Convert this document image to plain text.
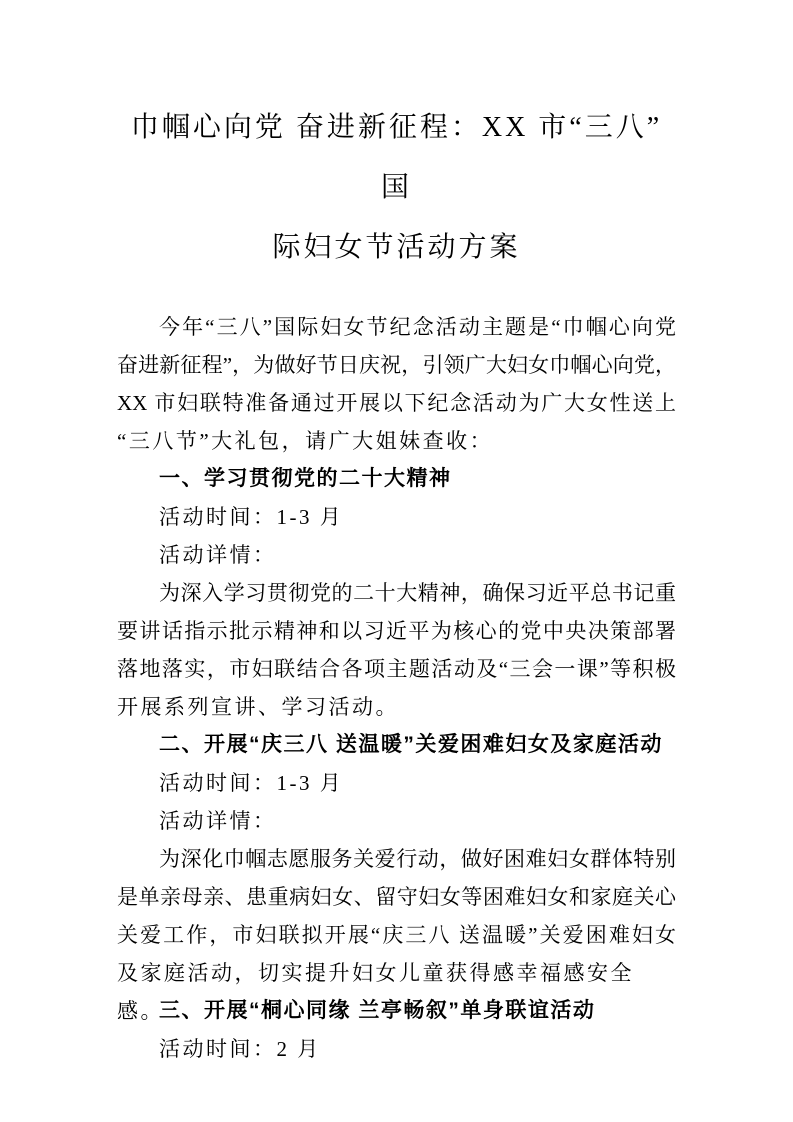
巾帼心向党 奋进新征程：XX 市“三八”国
际妇女节活动方案

今年“三八”国际妇女节纪念活动主题是“巾帼心向党

奋进新征程”，为做好节日庆祝，引领广大妇女巾帼心向党，

XX 市妇联特准备通过开展以下纪念活动为广大女性送上

“三八节”大礼包，请广大姐妹查收：

一、学习贯彻党的二十大精神

活动时间：1-3 月

活动详情：

为深入学习贯彻党的二十大精神，确保习近平总书记重

要讲话指示批示精神和以习近平为核心的党中央决策部署

落地落实，市妇联结合各项主题活动及“三会一课”等积极

开展系列宣讲、学习活动。

二、开展“庆三八 送温暖”关爱困难妇女及家庭活动

活动时间：1-3 月

活动详情：

为深化巾帼志愿服务关爱行动，做好困难妇女群体特别

是单亲母亲、患重病妇女、留守妇女等困难妇女和家庭关心

关爱工作，市妇联拟开展“庆三八 送温暖”关爱困难妇女

及家庭活动，切实提升妇女儿童获得感幸福感安全感。

三、开展“桐心同缘 兰亭畅叙”单身联谊活动

活动时间：2 月
